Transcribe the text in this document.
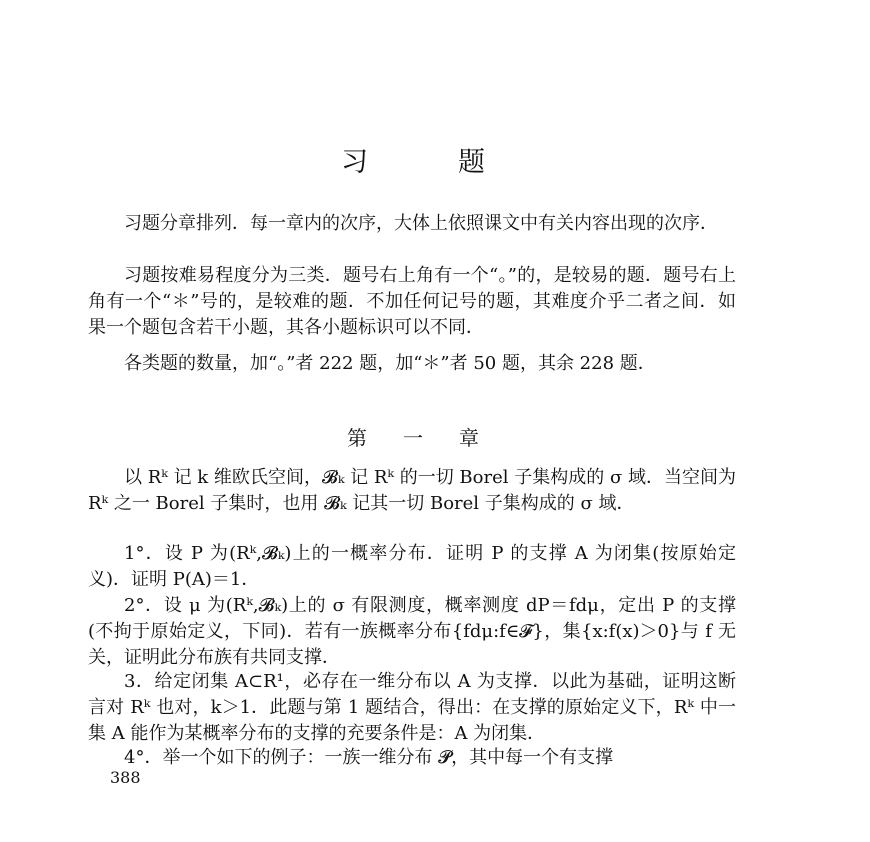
习	题

习题分章排列．每一章内的次序，大体上依照课文中有关内容出现的次序．

习题按难易程度分为三类．题号右上角有一个“。”的，是较易的题．题号右上角有一个“＊”号的，是较难的题．不加任何记号的题，其难度介乎二者之间．如果一个题包含若干小题，其各小题标识可以不同．

各类题的数量，加“。”者 222 题，加“＊”者 50 题，其余 228 题．

第 一 章

以 Rᵏ 记 k 维欧氏空间，𝓑ₖ 记 Rᵏ 的一切 Borel 子集构成的 σ 域．当空间为 Rᵏ 之一 Borel 子集时，也用 𝓑ₖ 记其一切 Borel 子集构成的 σ 域．

1°．设 P 为(Rᵏ,𝓑ₖ)上的一概率分布．证明 P 的支撑 A 为闭集(按原始定义)．证明 P(A)＝1．

2°．设 μ 为(Rᵏ,𝓑ₖ)上的 σ 有限测度，概率测度 dP＝fdμ，定出 P 的支撑(不拘于原始定义，下同)．若有一族概率分布{fdμ:f∈𝓕}，集{x:f(x)＞0}与 f 无关，证明此分布族有共同支撑．

3．给定闭集 A⊂R¹，必存在一维分布以 A 为支撑．以此为基础，证明这断言对 Rᵏ 也对，k＞1．此题与第 1 题结合，得出：在支撑的原始定义下，Rᵏ 中一集 A 能作为某概率分布的支撑的充要条件是：A 为闭集．

4°．举一个如下的例子：一族一维分布 𝓟，其中每一个有支撑

388
